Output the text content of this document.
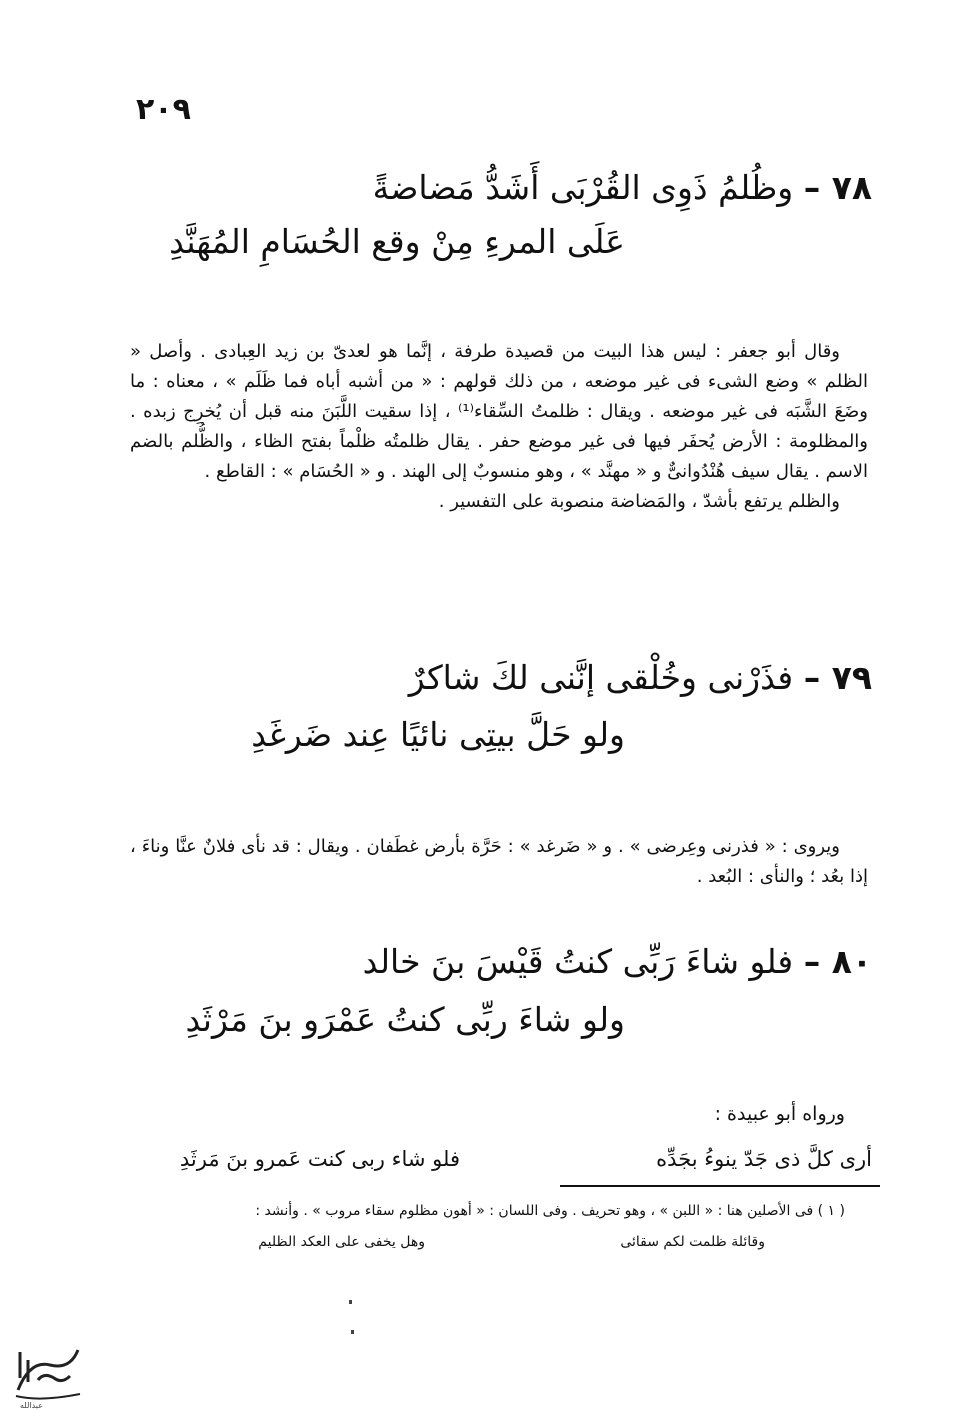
٢٠٩
٧٨ – وظُلمُ ذَوِى القُرْبَى أَشَدُّ مَضاضةً
عَلَى المرءِ مِنْ وقع الحُسَامِ المُهَنَّدِ

وقال أبو جعفر : ليس هذا البيت من قصيدة طرفة ، إنَّما هو لعدىّ بن زيد العِبادى . وأصل « الظلم » وضع الشىء فى غير موضعه ، من ذلك قولهم : « من أشبه أباه فما ظَلَم » ، معناه : ما وضَعَ الشَّبَه فى غير موضعه . ويقال : ظلمتُ السِّقاء⁽¹⁾ ، إذا سقيت اللَّبَنَ منه قبل أن يُخرِج زبده . والمظلومة : الأرض يُحفَر فيها فى غير موضع حفر . يقال ظلمتُه ظلْماً بفتح الظاء ، والظُّلم بالضم الاسم . يقال سيف هُنْدُوانىٌّ و « مهنَّد » ، وهو منسوبٌ إلى الهند . و « الحُسَام » : القاطع .

والظلم يرتفع بأشدّ ، والمَضاضة منصوبة على التفسير .

٧٩ – فذَرْنى وخُلْقى إنَّنى لكَ شاكرٌ
ولو حَلَّ بيتِى نائيًا عِند ضَرغَدِ

ويروى : « فذرنى وعِرضى » . و « ضَرغد » : حَرَّة بأرض غطَفان . ويقال : قد نأى فلانٌ عنَّا وناءَ ، إذا بعُد ؛ والنأى : البُعد .

٨٠ – فلو شاءَ رَبِّى كنتُ قَيْسَ بنَ خالد
ولو شاءَ ربِّى كنتُ عَمْرَو بنَ مَرْثَدِ
ورواه أبو عبيدة :
أرى كلَّ ذى جَدّ ينوءُ بجَدِّه
فلو شاء ربى كنت عَمرو بنَ مَرثَدِ
( ١ ) فى الأصلين هنا : « اللبن » ، وهو تحريف . وفى اللسان : « أهون مظلوم سقاء مروب » . وأنشد :
وقائلة ظلمت لكم سقائى
وهل يخفى على العكد الظليم
عبدالله
